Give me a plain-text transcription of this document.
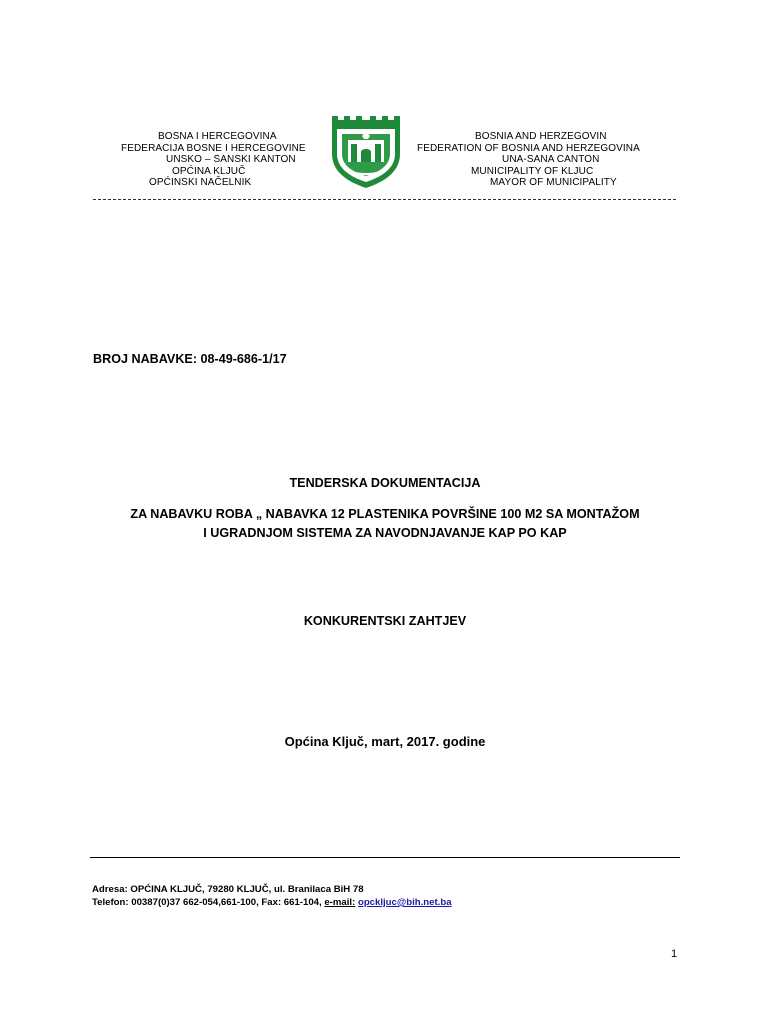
BOSNA I HERCEGOVINA
FEDERACIJA BOSNE I HERCEGOVINE
UNSKO – SANSKI KANTON
OPĆINA KLJUČ
OPĆINSKI NAČELNIK
BOSNIA AND HERZEGOVIN
FEDERATION OF BOSNIA AND HERZEGOVINA
UNA-SANA CANTON
MUNICIPALITY OF KLJUC
MAYOR OF MUNICIPALITY
BROJ NABAVKE: 08-49-686-1/17
TENDERSKA DOKUMENTACIJA
ZA NABAVKU ROBA „ NABAVKA 12 PLASTENIKA POVRŠINE 100 M2 SA MONTAŽOM
I UGRADNJOM SISTEMA ZA NAVODNJAVANJE KAP PO KAP
KONKURENTSKI ZAHTJEV
Općina Ključ, mart, 2017. godine
Adresa: OPĆINA KLJUČ, 79280 KLJUČ, ul. Branilaca BiH 78
Telefon: 00387(0)37 662-054,661-100, Fax: 661-104, e-mail: opckljuc@bih.net.ba
1
